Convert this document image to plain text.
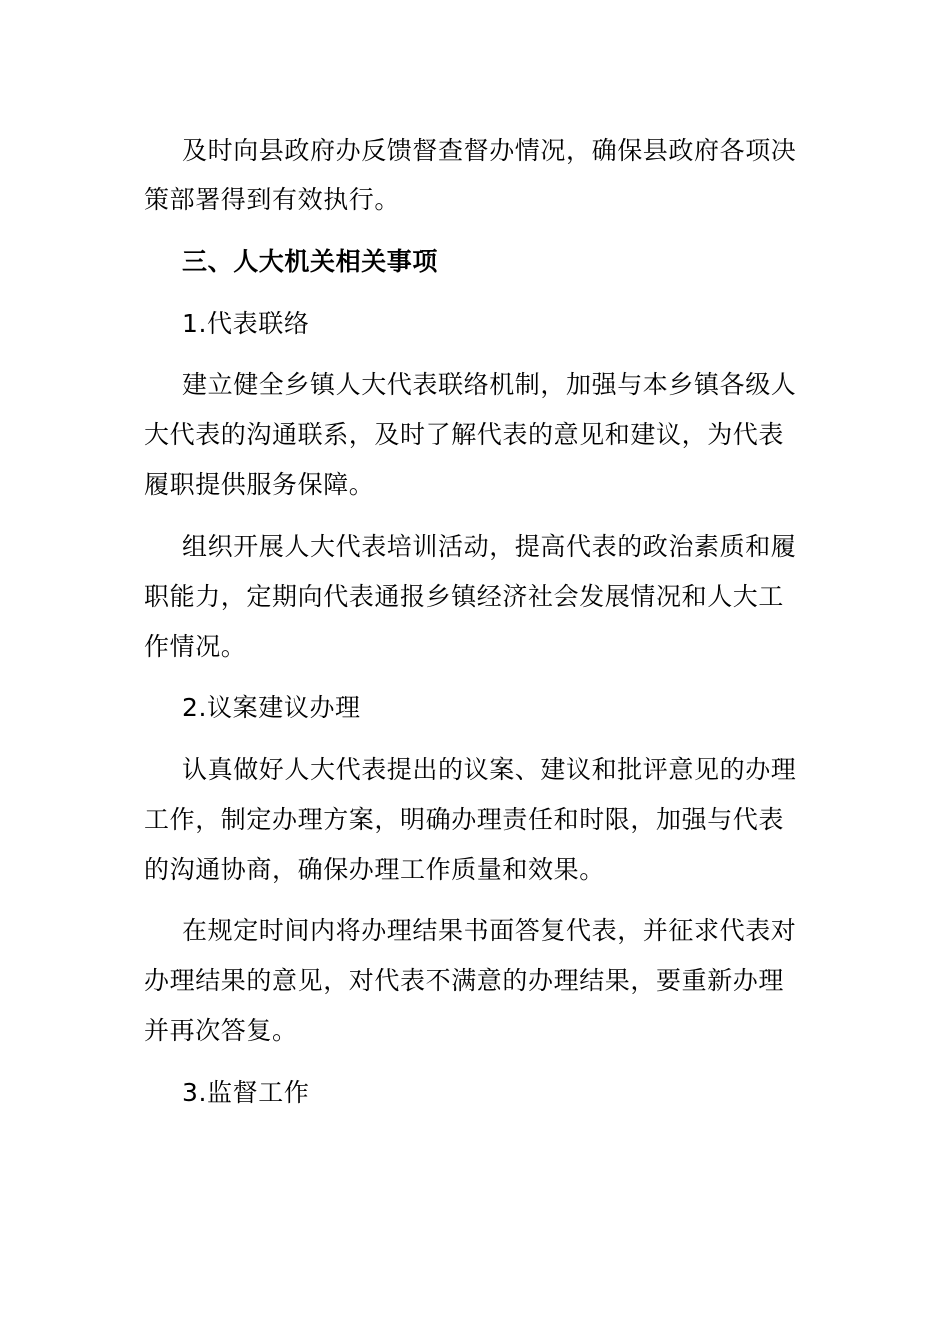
及时向县政府办反馈督查督办情况，确保县政府各项决
策部署得到有效执行。
三、人大机关相关事项
1.代表联络
建立健全乡镇人大代表联络机制，加强与本乡镇各级人
大代表的沟通联系，及时了解代表的意见和建议，为代表
履职提供服务保障。
组织开展人大代表培训活动，提高代表的政治素质和履
职能力，定期向代表通报乡镇经济社会发展情况和人大工
作情况。
2.议案建议办理
认真做好人大代表提出的议案、建议和批评意见的办理
工作，制定办理方案，明确办理责任和时限，加强与代表
的沟通协商，确保办理工作质量和效果。
在规定时间内将办理结果书面答复代表，并征求代表对
办理结果的意见，对代表不满意的办理结果，要重新办理
并再次答复。
3.监督工作
